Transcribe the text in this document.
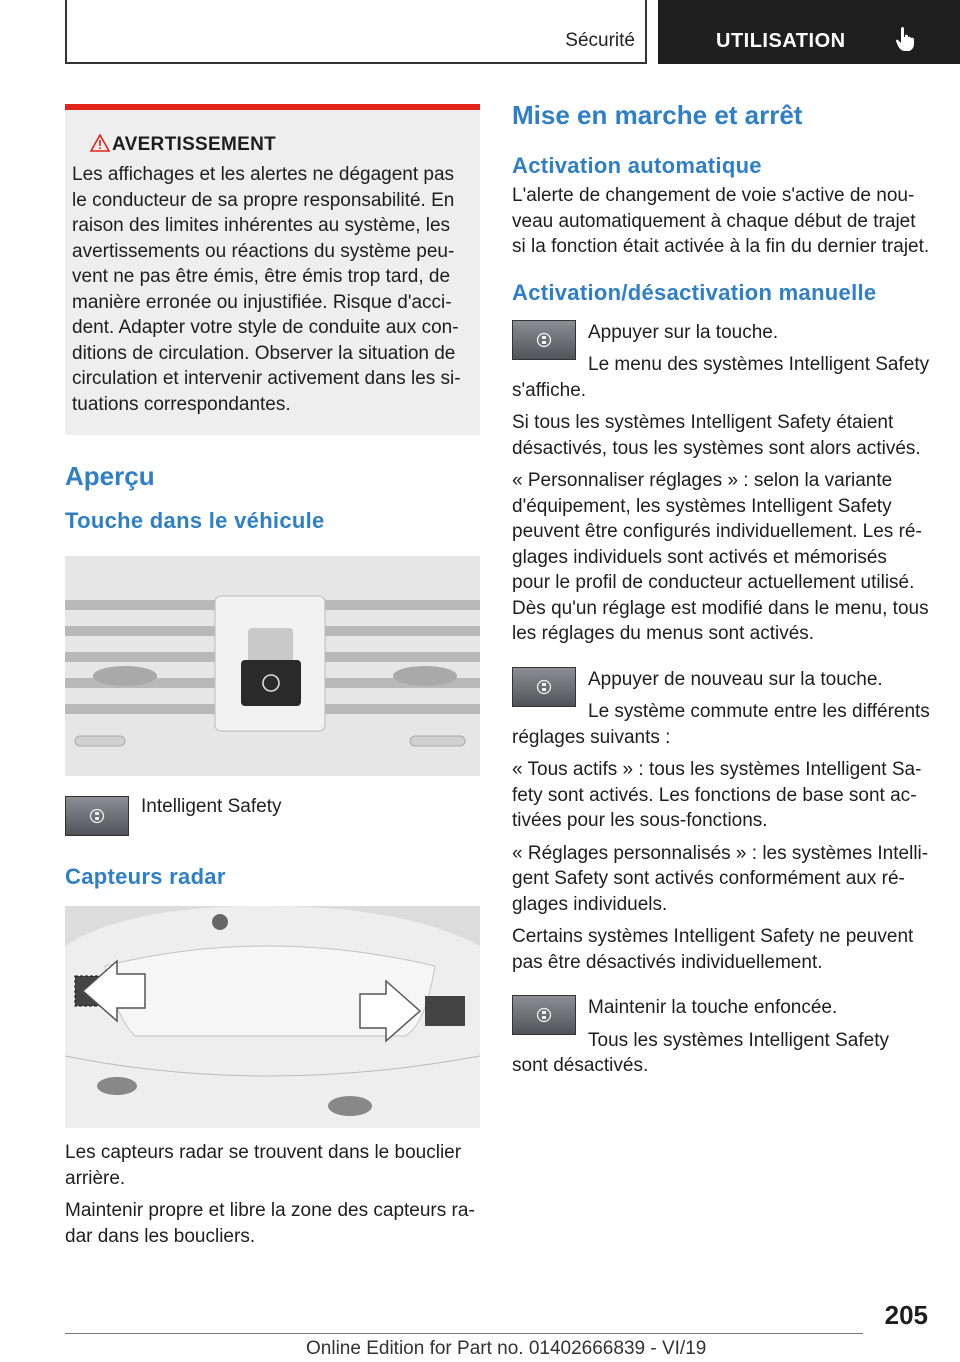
Sécurité	UTILISATION
AVERTISSEMENT

Les affichages et les alertes ne dégagent pas le conducteur de sa propre responsabilité. En raison des limites inhérentes au système, les avertissements ou réactions du système peuvent ne pas être émis, être émis trop tard, de manière erronée ou injustifiée. Risque d'accident. Adapter votre style de conduite aux conditions de circulation. Observer la situation de circulation et intervenir activement dans les situations correspondantes.

Aperçu
Touche dans le véhicule
Intelligent Safety
Capteurs radar

Les capteurs radar se trouvent dans le bouclier arrière.

Maintenir propre et libre la zone des capteurs radar dans les boucliers.

Mise en marche et arrêt
Activation automatique

L'alerte de changement de voie s'active de nouveau automatiquement à chaque début de trajet si la fonction était activée à la fin du dernier trajet.

Activation/désactivation manuelle

Appuyer sur la touche.

Le menu des systèmes Intelligent Safety s'affiche.

Si tous les systèmes Intelligent Safety étaient désactivés, tous les systèmes sont alors activés.

« Personnaliser réglages » : selon la variante d'équipement, les systèmes Intelligent Safety peuvent être configurés individuellement. Les réglages individuels sont activés et mémorisés pour le profil de conducteur actuellement utilisé. Dès qu'un réglage est modifié dans le menu, tous les réglages du menus sont activés.

Appuyer de nouveau sur la touche.

Le système commute entre les différents réglages suivants :

« Tous actifs » : tous les systèmes Intelligent Safety sont activés. Les fonctions de base sont activées pour les sous-fonctions.

« Réglages personnalisés » : les systèmes Intelligent Safety sont activés conformément aux réglages individuels.

Certains systèmes Intelligent Safety ne peuvent pas être désactivés individuellement.

Maintenir la touche enfoncée.

Tous les systèmes Intelligent Safety sont désactivés.

205
Online Edition for Part no. 01402666839 - VI/19
